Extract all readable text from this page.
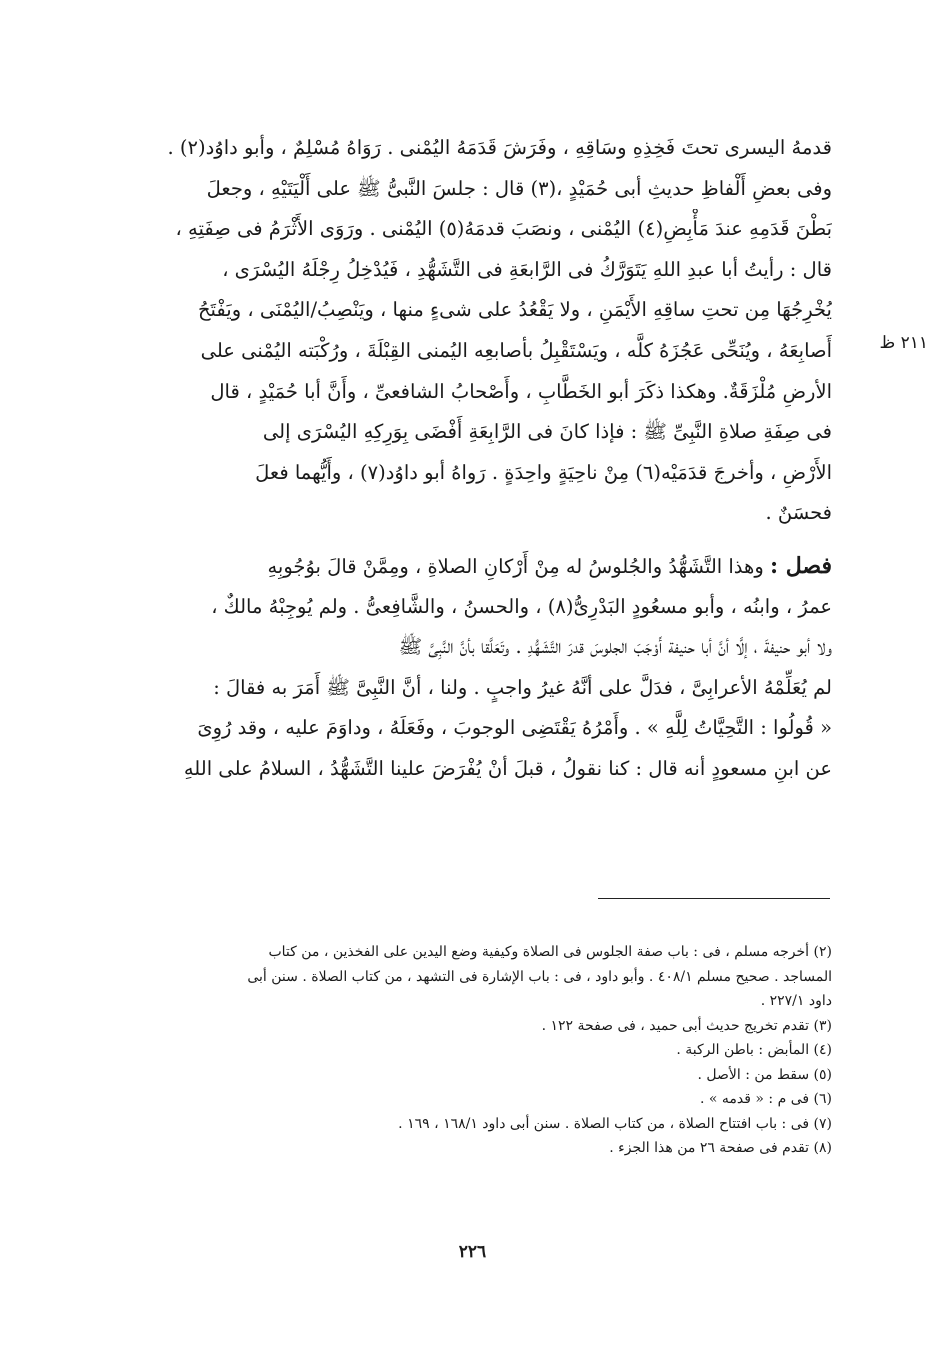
٢١١ ظ
قدمهُ اليسرى تحتَ فَخِذِهِ وسَاقِهِ ، وفَرَشَ قَدَمَهُ اليُمْنى . رَوَاهُ مُسْلِمٌ ، وأبو داوُد(٢) .
وفى بعضِ أَلْفاظِ حديثِ أبى حُمَيْدٍ ،(٣) قال : جلسَ النَّبىُّ ﷺ على أَلْيَتَيْهِ ، وجعلَ
بَطْنَ قَدَمِهِ عندَ مَأْبِضِ(٤) اليُمْنى ، ونصَبَ قدمَهُ(٥) اليُمْنى . ورَوَى الأَثْرَمُ فى صِفَتِهِ ،
قال : رأيتُ أبا عبدِ اللهِ يَتَوَرَّكُ فى الرَّابعَةِ فى التَّشَهُّدِ ، فَيُدْخِلُ رِجْلَهُ اليُسْرَى ،
يُخْرِجُهَا مِن تحتِ ساقِهِ الأَيْمَنِ ، ولا يَقْعُدُ على شىءٍ منها ، ويَنْصِبُ/اليُمْنَى ، ويَفْتَحُ
أَصابِعَهُ ، ويُنَحِّى عَجُزَهُ كلَّه ، ويَسْتَقْبِلُ بأصابعِه اليُمنى القِبْلَةَ ، ورُكْبَته اليُمْنى على
الأرضِ مُلْزَقَةٌ. وهكذا ذكَرَ أبو الخَطَّابِ ، وأَصْحابُ الشافعىِّ ، وأَنَّ أبا حُمَيْدٍ ، قال
فى صِفَةِ صلاةِ النَّبِىِّ ﷺ : فإذا كانَ فى الرَّابِعَةِ أَفْضَى بِوَرِكِهِ اليُسْرَى إلى
الأَرْضِ ، وأخرجَ قدَمَيْه(٦) مِنْ ناحِيَةٍ واحِدَةٍ . رَواهُ أبو داوُد(٧) ، وأَيُّهما فعلَ
فحسَنٌ .
فصل : وهذا التَّشَهُّدُ والجُلوسُ له مِنْ أَرْكانِ الصلاةِ ، ومِمَّنْ قالَ بوُجُوبِهِ
عمرُ ، وابنُه ، وأبو مسعُودٍ البَدْرِىُّ(٨) ، والحسنُ ، والشَّافِعىُّ . ولم يُوجِبْهُ مالكٌ ،
ولا أبو حنيفةَ ، إلَّا أنَّ أبا حنيفة أَوْجَبَ الجلوسَ قدرَ التَّشَهُّدِ . وتَعَلَّقا بأنَّ النَّبِىَّ ﷺ
لم يُعَلِّمْهُ الأعرابِىَّ ، فدَلَّ على أنَّهُ غيرُ واجبٍ . ولنا ، أنَّ النَّبِىَّ ﷺ أَمَرَ به فقالَ :
« قُولُوا : التَّحِيَّاتُ لِلَّهِ » . وأَمْرُهُ يَقْتَضِى الوجوبَ ، وفَعَلَهُ ، وداوَمَ عليه ، وقد رُوِىَ
عن ابنِ مسعودٍ أنه قال : كنا نقولُ ، قبلَ أنْ يُفْرَضَ علينا التَّشَهُّدُ ، السلامُ على اللهِ
(٢) أخرجه مسلم ، فى : باب صفة الجلوس فى الصلاة وكيفية وضع اليدين على الفخذين ، من كتاب
المساجد . صحيح مسلم ٤٠٨/١ . وأبو داود ، فى : باب الإشارة فى التشهد ، من كتاب الصلاة . سنن أبى
داود ٢٢٧/١ .
(٣) تقدم تخريج حديث أبى حميد ، فى صفحة ١٢٢ .
(٤) المأبض : باطن الركبة .
(٥) سقط من : الأصل .
(٦) فى م : « قدمه » .
(٧) فى : باب افتتاح الصلاة ، من كتاب الصلاة . سنن أبى داود ١٦٨/١ ، ١٦٩ .
(٨) تقدم فى صفحة ٢٦ من هذا الجزء .
٢٢٦
